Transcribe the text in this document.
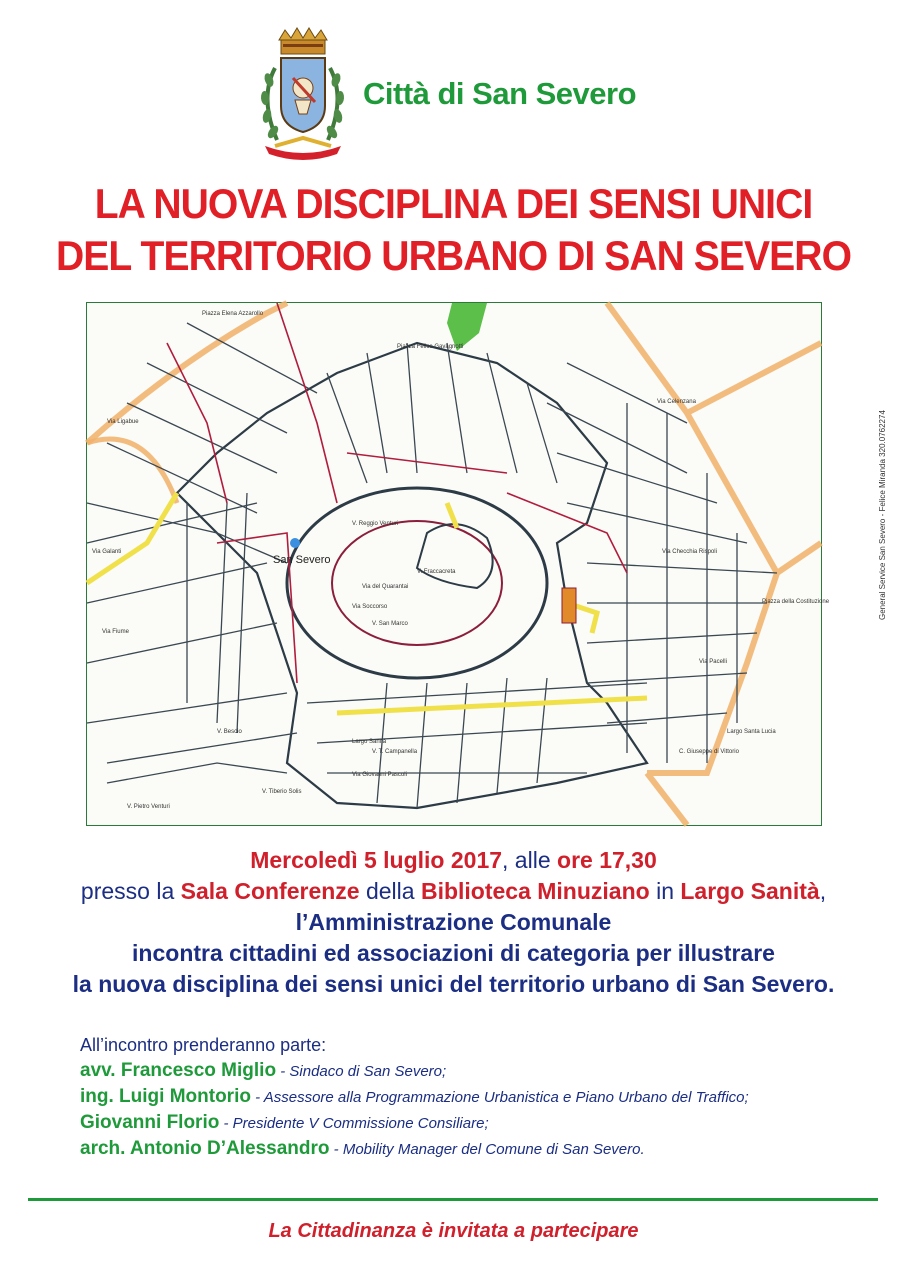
Città di San Severo
LA NUOVA DISCIPLINA DEI SENSI UNICI
DEL TERRITORIO URBANO DI SAN SEVERO
San Severo
Piazza Elena Azzarollo
Piazza Felice Gavagnotti
Via Soccorso
Via del Quarantai
V. San Marco
V. Fraccacreta
Largo Sanità
V. T. Campanella
Via Giovanni Pascoli
Piazza della Costituzione
V. Tiberio Solis
Via Ligabue
Largo Santa Lucia
Via Fiume
V. Pietro Venturi
V. Reggio Venturi
V. Bescio
Via Celenzana
C. Giuseppe di Vittorio
Via Pacelli
Via Checchia Rispoli
Via Galanti	General Service San Severo - Felice Miranda 320.0762274

Mercoledì 5 luglio 2017, alle ore 17,30

presso la Sala Conferenze della Biblioteca Minuziano in Largo Sanità,

l’Amministrazione Comunale

incontra cittadini ed associazioni di categoria per illustrare

la nuova disciplina dei sensi unici del territorio urbano di San Severo.

All’incontro prenderanno parte:

avv. Francesco Miglio - Sindaco di San Severo;

ing. Luigi Montorio - Assessore alla Programmazione Urbanistica e Piano Urbano del Traffico;

Giovanni Florio - Presidente V Commissione Consiliare;

arch. Antonio D’Alessandro - Mobility Manager del Comune di San Severo.

La Cittadinanza è invitata a partecipare
